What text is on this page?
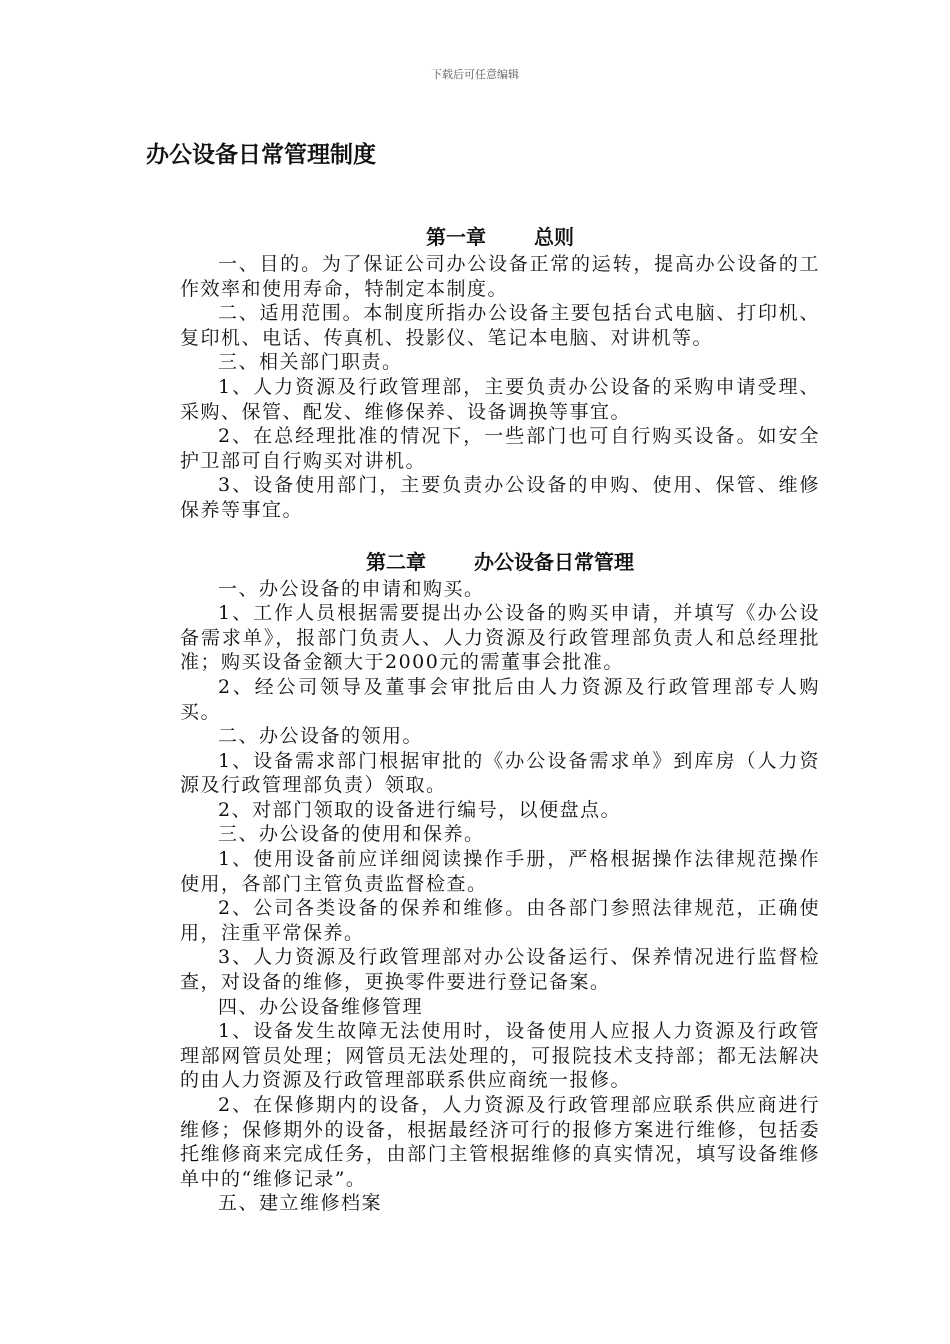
下载后可任意编辑
办公设备日常管理制度
第一章 总则

一、目的。为了保证公司办公设备正常的运转，提高办公设备的工作效率和使用寿命，特制定本制度。

二、适用范围。本制度所指办公设备主要包括台式电脑、打印机、复印机、电话、传真机、投影仪、笔记本电脑、对讲机等。

三、相关部门职责。

1、人力资源及行政管理部，主要负责办公设备的采购申请受理、采购、保管、配发、维修保养、设备调换等事宜。

2、在总经理批准的情况下，一些部门也可自行购买设备。如安全护卫部可自行购买对讲机。

3、设备使用部门，主要负责办公设备的申购、使用、保管、维修保养等事宜。

第二章 办公设备日常管理

一、办公设备的申请和购买。

1、工作人员根据需要提出办公设备的购买申请，并填写《办公设备需求单》，报部门负责人、人力资源及行政管理部负责人和总经理批准；购买设备金额大于2000元的需董事会批准。

2、经公司领导及董事会审批后由人力资源及行政管理部专人购买。

二、办公设备的领用。

1、设备需求部门根据审批的《办公设备需求单》到库房（人力资源及行政管理部负责）领取。

2、对部门领取的设备进行编号，以便盘点。

三、办公设备的使用和保养。

1、使用设备前应详细阅读操作手册，严格根据操作法律规范操作使用，各部门主管负责监督检查。

2、公司各类设备的保养和维修。由各部门参照法律规范，正确使用，注重平常保养。

3、人力资源及行政管理部对办公设备运行、保养情况进行监督检查，对设备的维修，更换零件要进行登记备案。

四、办公设备维修管理

1、设备发生故障无法使用时，设备使用人应报人力资源及行政管理部网管员处理；网管员无法处理的，可报院技术支持部；都无法解决的由人力资源及行政管理部联系供应商统一报修。

2、在保修期内的设备，人力资源及行政管理部应联系供应商进行维修；保修期外的设备，根据最经济可行的报修方案进行维修，包括委托维修商来完成任务，由部门主管根据维修的真实情况，填写设备维修单中的“维修记录”。

五、建立维修档案
